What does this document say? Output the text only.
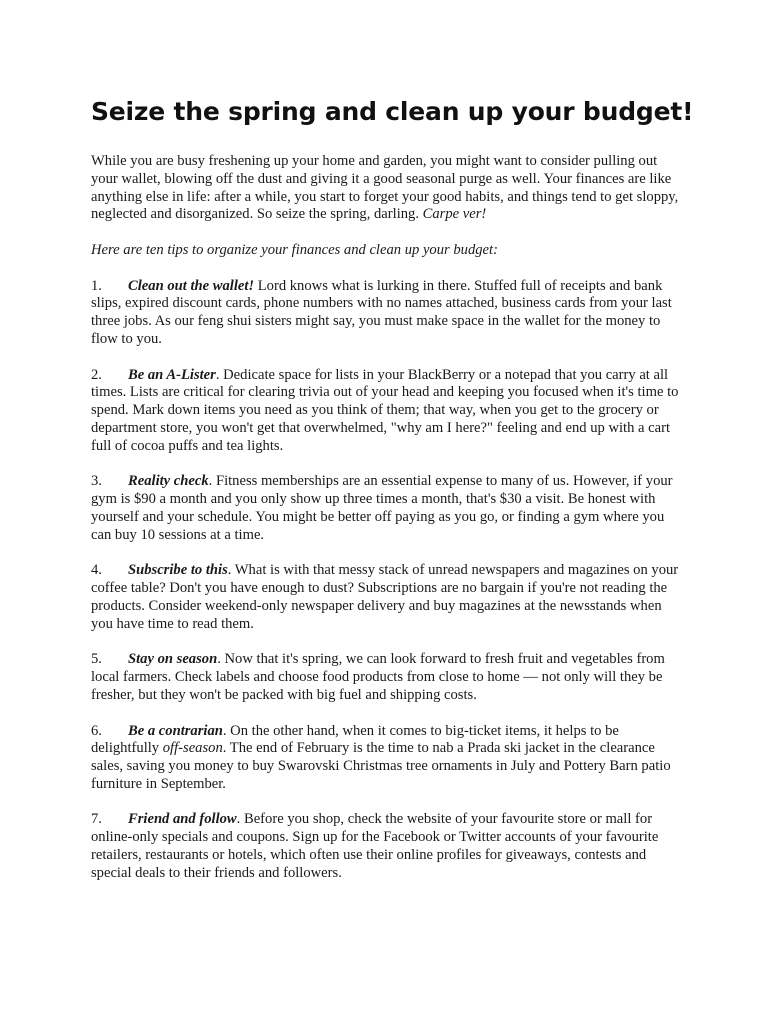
Seize the spring and clean up your budget!

While you are busy freshening up your home and garden, you might want to consider pulling out your wallet, blowing off the dust and giving it a good seasonal purge as well. Your finances are like anything else in life: after a while, you start to forget your good habits, and things tend to get sloppy, neglected and disorganized. So seize the spring, darling. Carpe ver!

Here are ten tips to organize your finances and clean up your budget:

1. Clean out the wallet! Lord knows what is lurking in there. Stuffed full of receipts and bank slips, expired discount cards, phone numbers with no names attached, business cards from your last three jobs. As our feng shui sisters might say, you must make space in the wallet for the money to flow to you.

2. Be an A-Lister. Dedicate space for lists in your BlackBerry or a notepad that you carry at all times. Lists are critical for clearing trivia out of your head and keeping you focused when it's time to spend. Mark down items you need as you think of them; that way, when you get to the grocery or department store, you won't get that overwhelmed, "why am I here?" feeling and end up with a cart full of cocoa puffs and tea lights.

3. Reality check. Fitness memberships are an essential expense to many of us. However, if your gym is $90 a month and you only show up three times a month, that's $30 a visit. Be honest with yourself and your schedule. You might be better off paying as you go, or finding a gym where you can buy 10 sessions at a time.

4. Subscribe to this. What is with that messy stack of unread newspapers and magazines on your coffee table? Don't you have enough to dust? Subscriptions are no bargain if you're not reading the products. Consider weekend-only newspaper delivery and buy magazines at the newsstands when you have time to read them.

5. Stay on season. Now that it's spring, we can look forward to fresh fruit and vegetables from local farmers. Check labels and choose food products from close to home — not only will they be fresher, but they won't be packed with big fuel and shipping costs.

6. Be a contrarian. On the other hand, when it comes to big-ticket items, it helps to be delightfully off-season. The end of February is the time to nab a Prada ski jacket in the clearance sales, saving you money to buy Swarovski Christmas tree ornaments in July and Pottery Barn patio furniture in September.

7. Friend and follow. Before you shop, check the website of your favourite store or mall for online-only specials and coupons. Sign up for the Facebook or Twitter accounts of your favourite retailers, restaurants or hotels, which often use their online profiles for giveaways, contests and special deals to their friends and followers.
